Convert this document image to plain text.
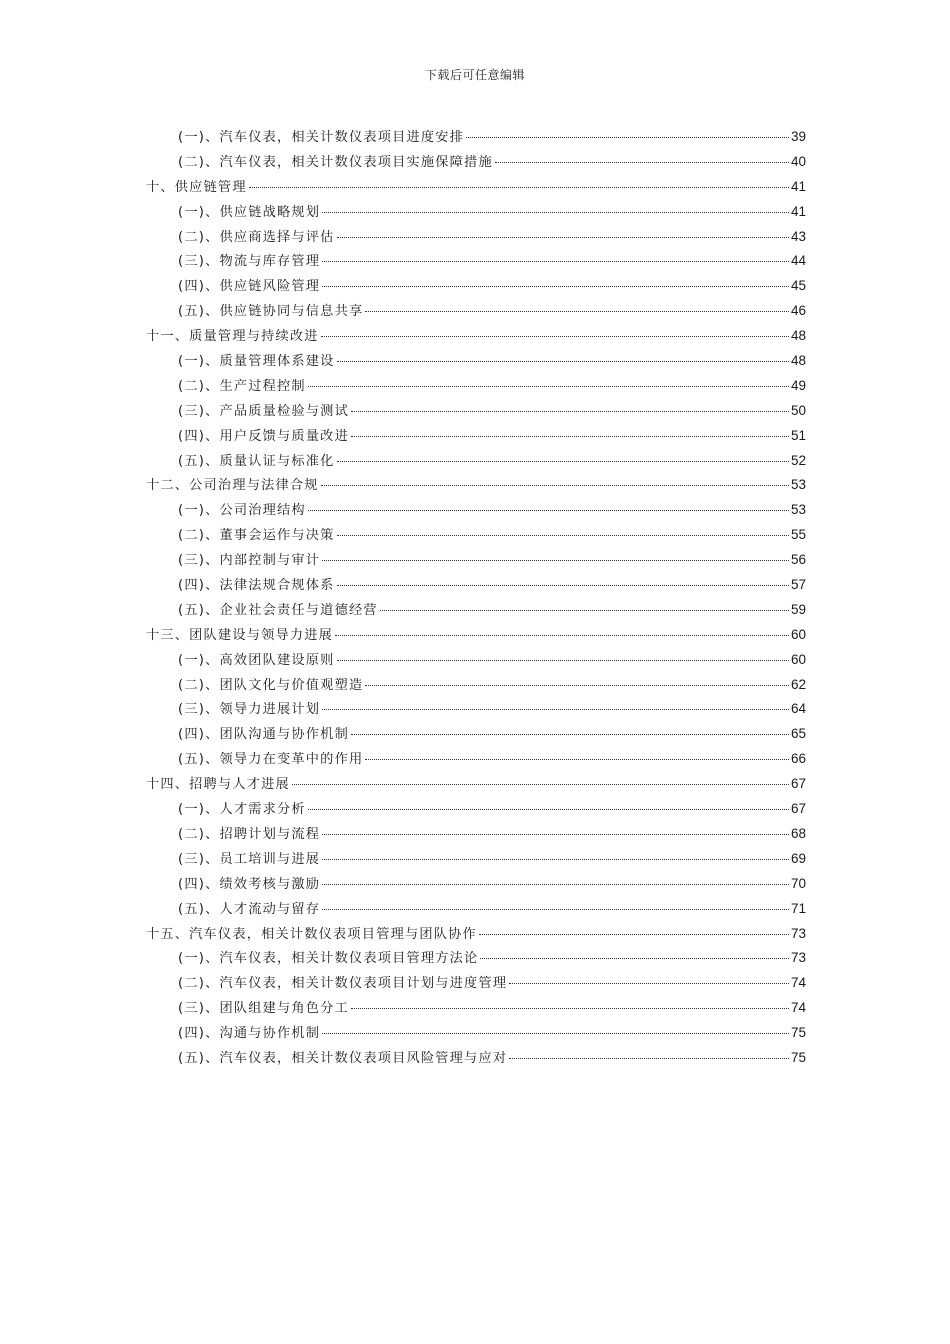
下载后可任意编辑
(一)、汽车仪表，相关计数仪表项目进度安排	39
(二)、汽车仪表，相关计数仪表项目实施保障措施	40
十、供应链管理	41
(一)、供应链战略规划	41
(二)、供应商选择与评估	43
(三)、物流与库存管理	44
(四)、供应链风险管理	45
(五)、供应链协同与信息共享	46
十一、质量管理与持续改进	48
(一)、质量管理体系建设	48
(二)、生产过程控制	49
(三)、产品质量检验与测试	50
(四)、用户反馈与质量改进	51
(五)、质量认证与标准化	52
十二、公司治理与法律合规	53
(一)、公司治理结构	53
(二)、董事会运作与决策	55
(三)、内部控制与审计	56
(四)、法律法规合规体系	57
(五)、企业社会责任与道德经营	59
十三、团队建设与领导力进展	60
(一)、高效团队建设原则	60
(二)、团队文化与价值观塑造	62
(三)、领导力进展计划	64
(四)、团队沟通与协作机制	65
(五)、领导力在变革中的作用	66
十四、招聘与人才进展	67
(一)、人才需求分析	67
(二)、招聘计划与流程	68
(三)、员工培训与进展	69
(四)、绩效考核与激励	70
(五)、人才流动与留存	71
十五、汽车仪表，相关计数仪表项目管理与团队协作	73
(一)、汽车仪表，相关计数仪表项目管理方法论	73
(二)、汽车仪表，相关计数仪表项目计划与进度管理	74
(三)、团队组建与角色分工	74
(四)、沟通与协作机制	75
(五)、汽车仪表，相关计数仪表项目风险管理与应对	75
